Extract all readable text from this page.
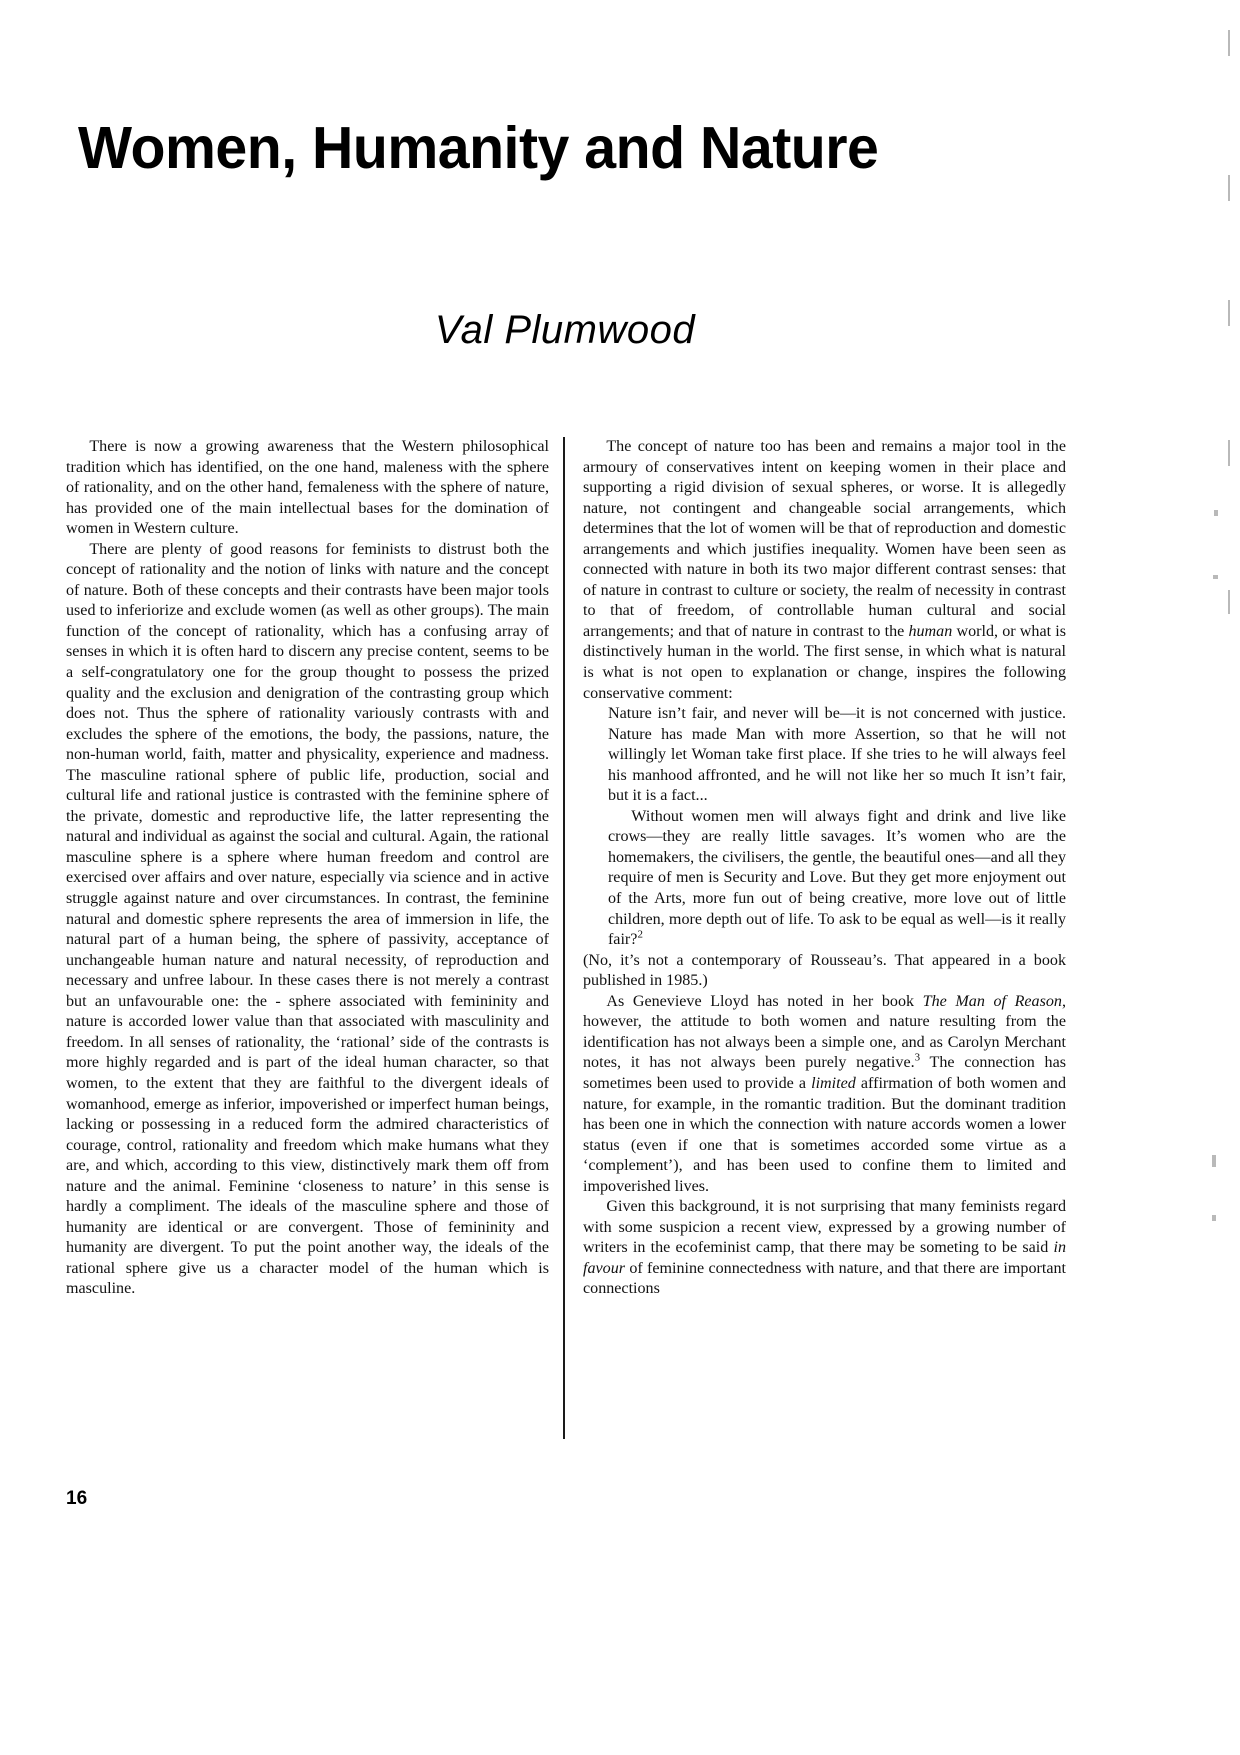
Women, Humanity and Nature
Val Plumwood

There is now a growing awareness that the Western philosophical tradition which has identified, on the one hand, maleness with the sphere of rationality, and on the other hand, femaleness with the sphere of nature, has provided one of the main intellectual bases for the domination of women in Western culture.

There are plenty of good reasons for feminists to distrust both the concept of rationality and the notion of links with nature and the concept of nature. Both of these concepts and their contrasts have been major tools used to inferiorize and exclude women (as well as other groups). The main function of the concept of rationality, which has a confusing array of senses in which it is often hard to discern any precise content, seems to be a self-congratulatory one for the group thought to possess the prized quality and the exclusion and denigration of the contrasting group which does not. Thus the sphere of rationality variously contrasts with and excludes the sphere of the emotions, the body, the passions, nature, the non-human world, faith, matter and physicality, experience and madness. The masculine rational sphere of public life, production, social and cultural life and rational justice is contrasted with the feminine sphere of the private, domestic and reproductive life, the latter representing the natural and individual as against the social and cultural. Again, the rational masculine sphere is a sphere where human freedom and control are exercised over affairs and over nature, especially via science and in active struggle against nature and over circumstances. In contrast, the feminine natural and domestic sphere represents the area of immersion in life, the natural part of a human being, the sphere of passivity, acceptance of unchangeable human nature and natural necessity, of reproduction and necessary and unfree labour. In these cases there is not merely a contrast but an unfavourable one: the - sphere associated with femininity and nature is accorded lower value than that associated with masculinity and freedom. In all senses of rationality, the ‘rational’ side of the contrasts is more highly regarded and is part of the ideal human character, so that women, to the extent that they are faithful to the divergent ideals of womanhood, emerge as inferior, impoverished or imperfect human beings, lacking or possessing in a reduced form the admired characteristics of courage, control, rationality and freedom which make humans what they are, and which, according to this view, distinctively mark them off from nature and the animal. Feminine ‘closeness to nature’ in this sense is hardly a compliment. The ideals of the masculine sphere and those of humanity are identical or are convergent. Those of femininity and humanity are divergent. To put the point another way, the ideals of the rational sphere give us a character model of the human which is masculine.

The concept of nature too has been and remains a major tool in the armoury of conservatives intent on keeping women in their place and supporting a rigid division of sexual spheres, or worse. It is allegedly nature, not contingent and changeable social arrangements, which determines that the lot of women will be that of reproduction and domestic arrangements and which justifies inequality. Women have been seen as connected with nature in both its two major different contrast senses: that of nature in contrast to culture or society, the realm of necessity in contrast to that of freedom, of controllable human cultural and social arrangements; and that of nature in contrast to the human world, or what is distinctively human in the world. The first sense, in which what is natural is what is not open to explanation or change, inspires the following conservative comment:

Nature isn’t fair, and never will be—it is not concerned with justice. Nature has made Man with more Assertion, so that he will not willingly let Woman take first place. If she tries to he will always feel his manhood affronted, and he will not like her so much It isn’t fair, but it is a fact...

Without women men will always fight and drink and live like crows—they are really little savages. It’s women who are the homemakers, the civilisers, the gentle, the beautiful ones—and all they require of men is Security and Love. But they get more enjoyment out of the Arts, more fun out of being creative, more love out of little children, more depth out of life. To ask to be equal as well—is it really fair?$^2$

(No, it’s not a contemporary of Rousseau’s. That appeared in a book published in 1985.)

As Genevieve Lloyd has noted in her book The Man of Reason, however, the attitude to both women and nature resulting from the identification has not always been a simple one, and as Carolyn Merchant notes, it has not always been purely negative.$^3$ The connection has sometimes been used to provide a limited affirmation of both women and nature, for example, in the romantic tradition. But the dominant tradition has been one in which the connection with nature accords women a lower status (even if one that is sometimes accorded some virtue as a ‘complement’), and has been used to confine them to limited and impoverished lives.

Given this background, it is not surprising that many feminists regard with some suspicion a recent view, expressed by a growing number of writers in the ecofeminist camp, that there may be someting to be said in favour of feminine connectedness with nature, and that there are important connections

16
